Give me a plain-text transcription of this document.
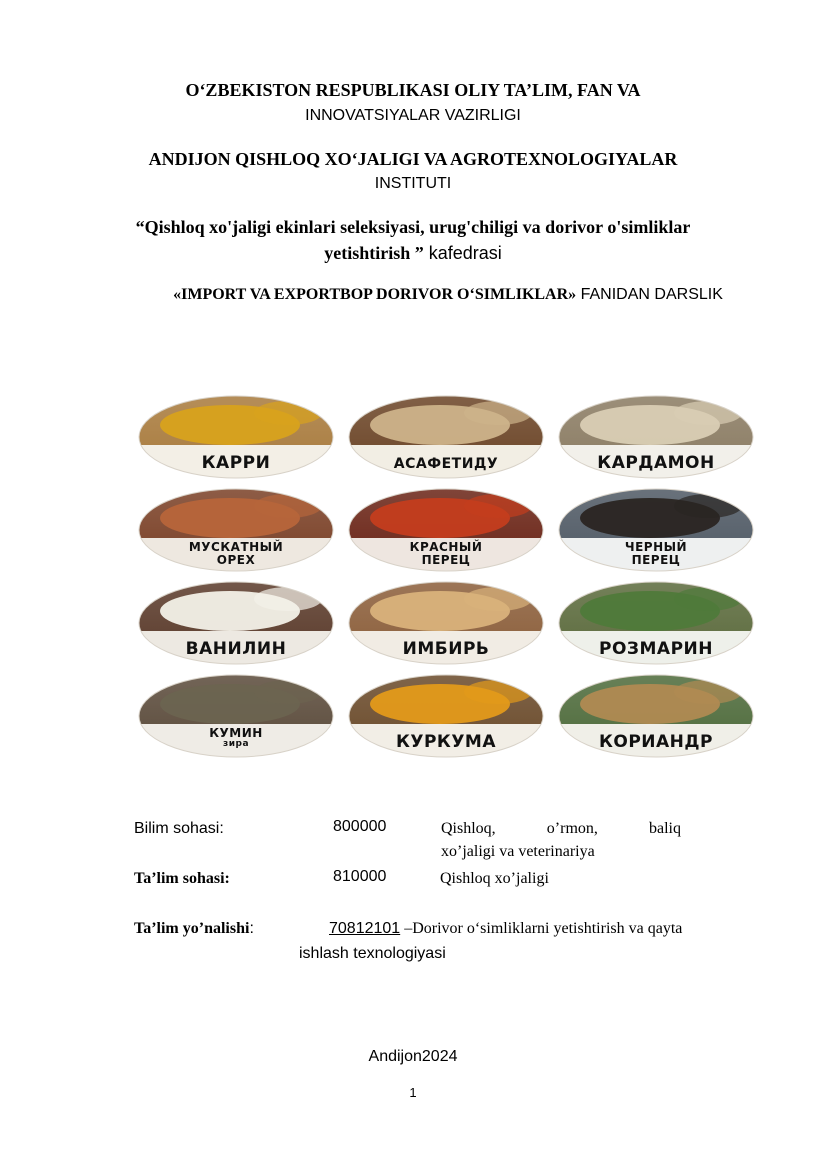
O‘ZBEKISTON RESPUBLIKASI OLIY TA’LIM, FAN VA
INNOVATSIYALAR VAZIRLIGI
ANDIJON QISHLOQ XO‘JALIGI VA AGROTEXNOLOGIYALAR
INSTITUTI
“Qishloq xo'jaligi ekinlari seleksiyasi, urug'chiligi va dorivor o'simliklar
yetishtirish ” kafedrasi
«IMPORT VA EXPORTBOP DORIVOR O‘SIMLIKLAR» FANIDAN DARSLIK
КАРРИ	АСАФЕТИДУ	КАРДАМОН
МУСКАТНЫЙ
ОРЕХ
КРАСНЫЙ
ПЕРЕЦ
ЧЕРНЫЙ
ПЕРЕЦ
ВАНИЛИН	ИМБИРЬ	РОЗМАРИН
КУМИН
зира	КУРКУМА	КОРИАНДР
Bilim sohasi:	800000	Qishloq,	o’rmon,	baliq
xo’jaligi va veterinariya
Ta’lim sohasi:	810000	Qishloq xo’jaligi
Ta’lim yo’nalishi:	70812101 –Dorivor o‘simliklarni yetishtirish va qayta
ishlash texnologiyasi
Andijon2024
1
